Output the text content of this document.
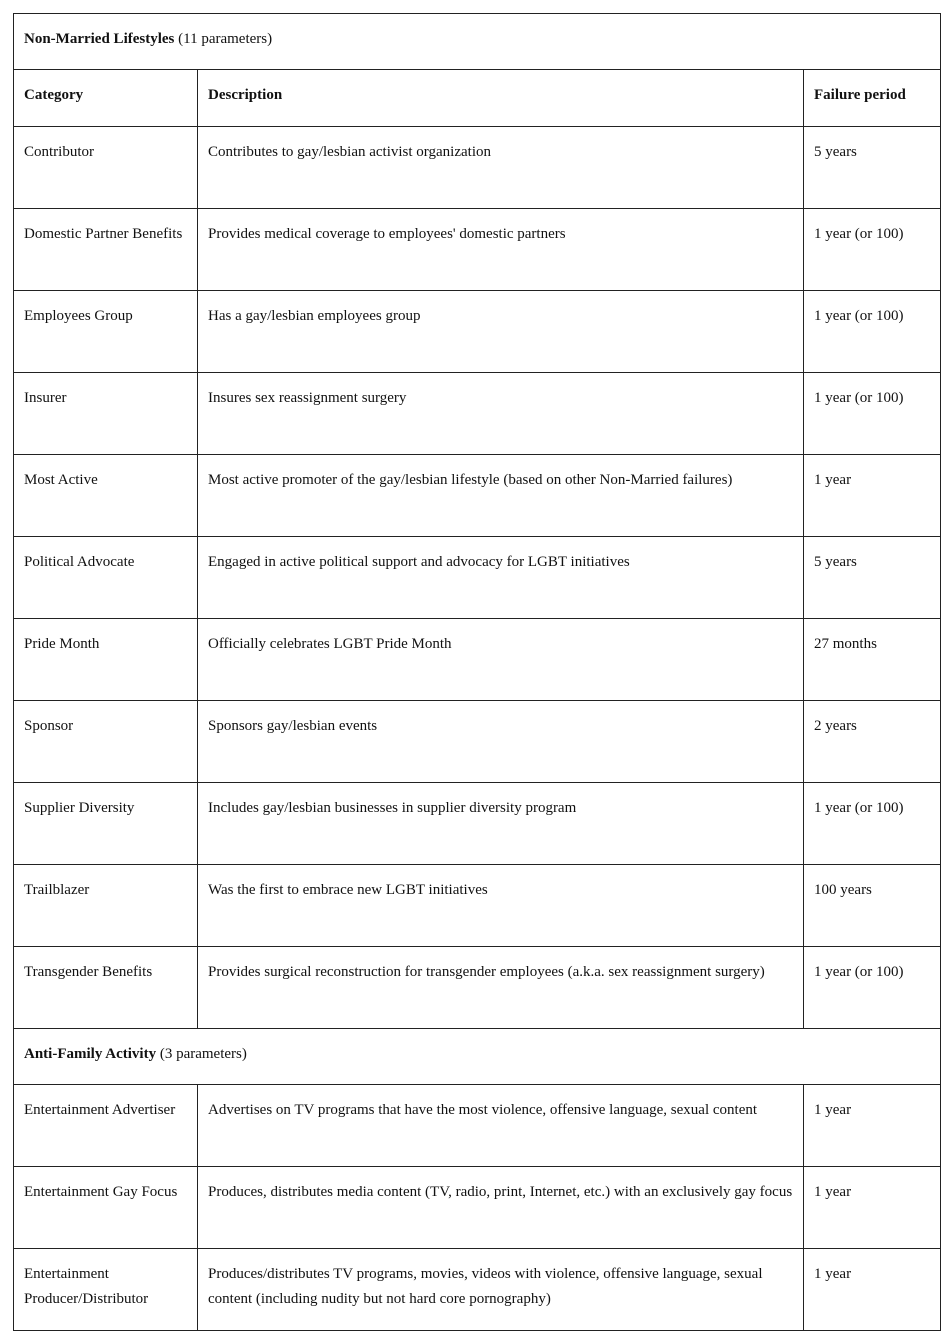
Non-Married Lifestyles (11 parameters)		
Category	Description	Failure period
Contributor	Contributes to gay/lesbian activist organization	5 years
Domestic Partner Benefits	Provides medical coverage to employees' domestic partners	1 year (or 100)
Employees Group	Has a gay/lesbian employees group	1 year (or 100)
Insurer	Insures sex reassignment surgery	1 year (or 100)
Most Active	Most active promoter of the gay/lesbian lifestyle (based on other Non-Married failures)	1 year
Political Advocate	Engaged in active political support and advocacy for LGBT initiatives	5 years
Pride Month	Officially celebrates LGBT Pride Month	27 months
Sponsor	Sponsors gay/lesbian events	2 years
Supplier Diversity	Includes gay/lesbian businesses in supplier diversity program	1 year (or 100)
Trailblazer	Was the first to embrace new LGBT initiatives	100 years
Transgender Benefits	Provides surgical reconstruction for transgender employees (a.k.a. sex reassignment surgery)	1 year (or 100)
Anti-Family Activity (3 parameters)		
Entertainment Advertiser	Advertises on TV programs that have the most violence, offensive language, sexual content	1 year
Entertainment Gay Focus	Produces, distributes media content (TV, radio, print, Internet, etc.) with an exclusively gay focus	1 year
Entertainment Producer/Distributor	Produces/distributes TV programs, movies, videos with violence, offensive language, sexual content (including nudity but not hard core pornography)	1 year
